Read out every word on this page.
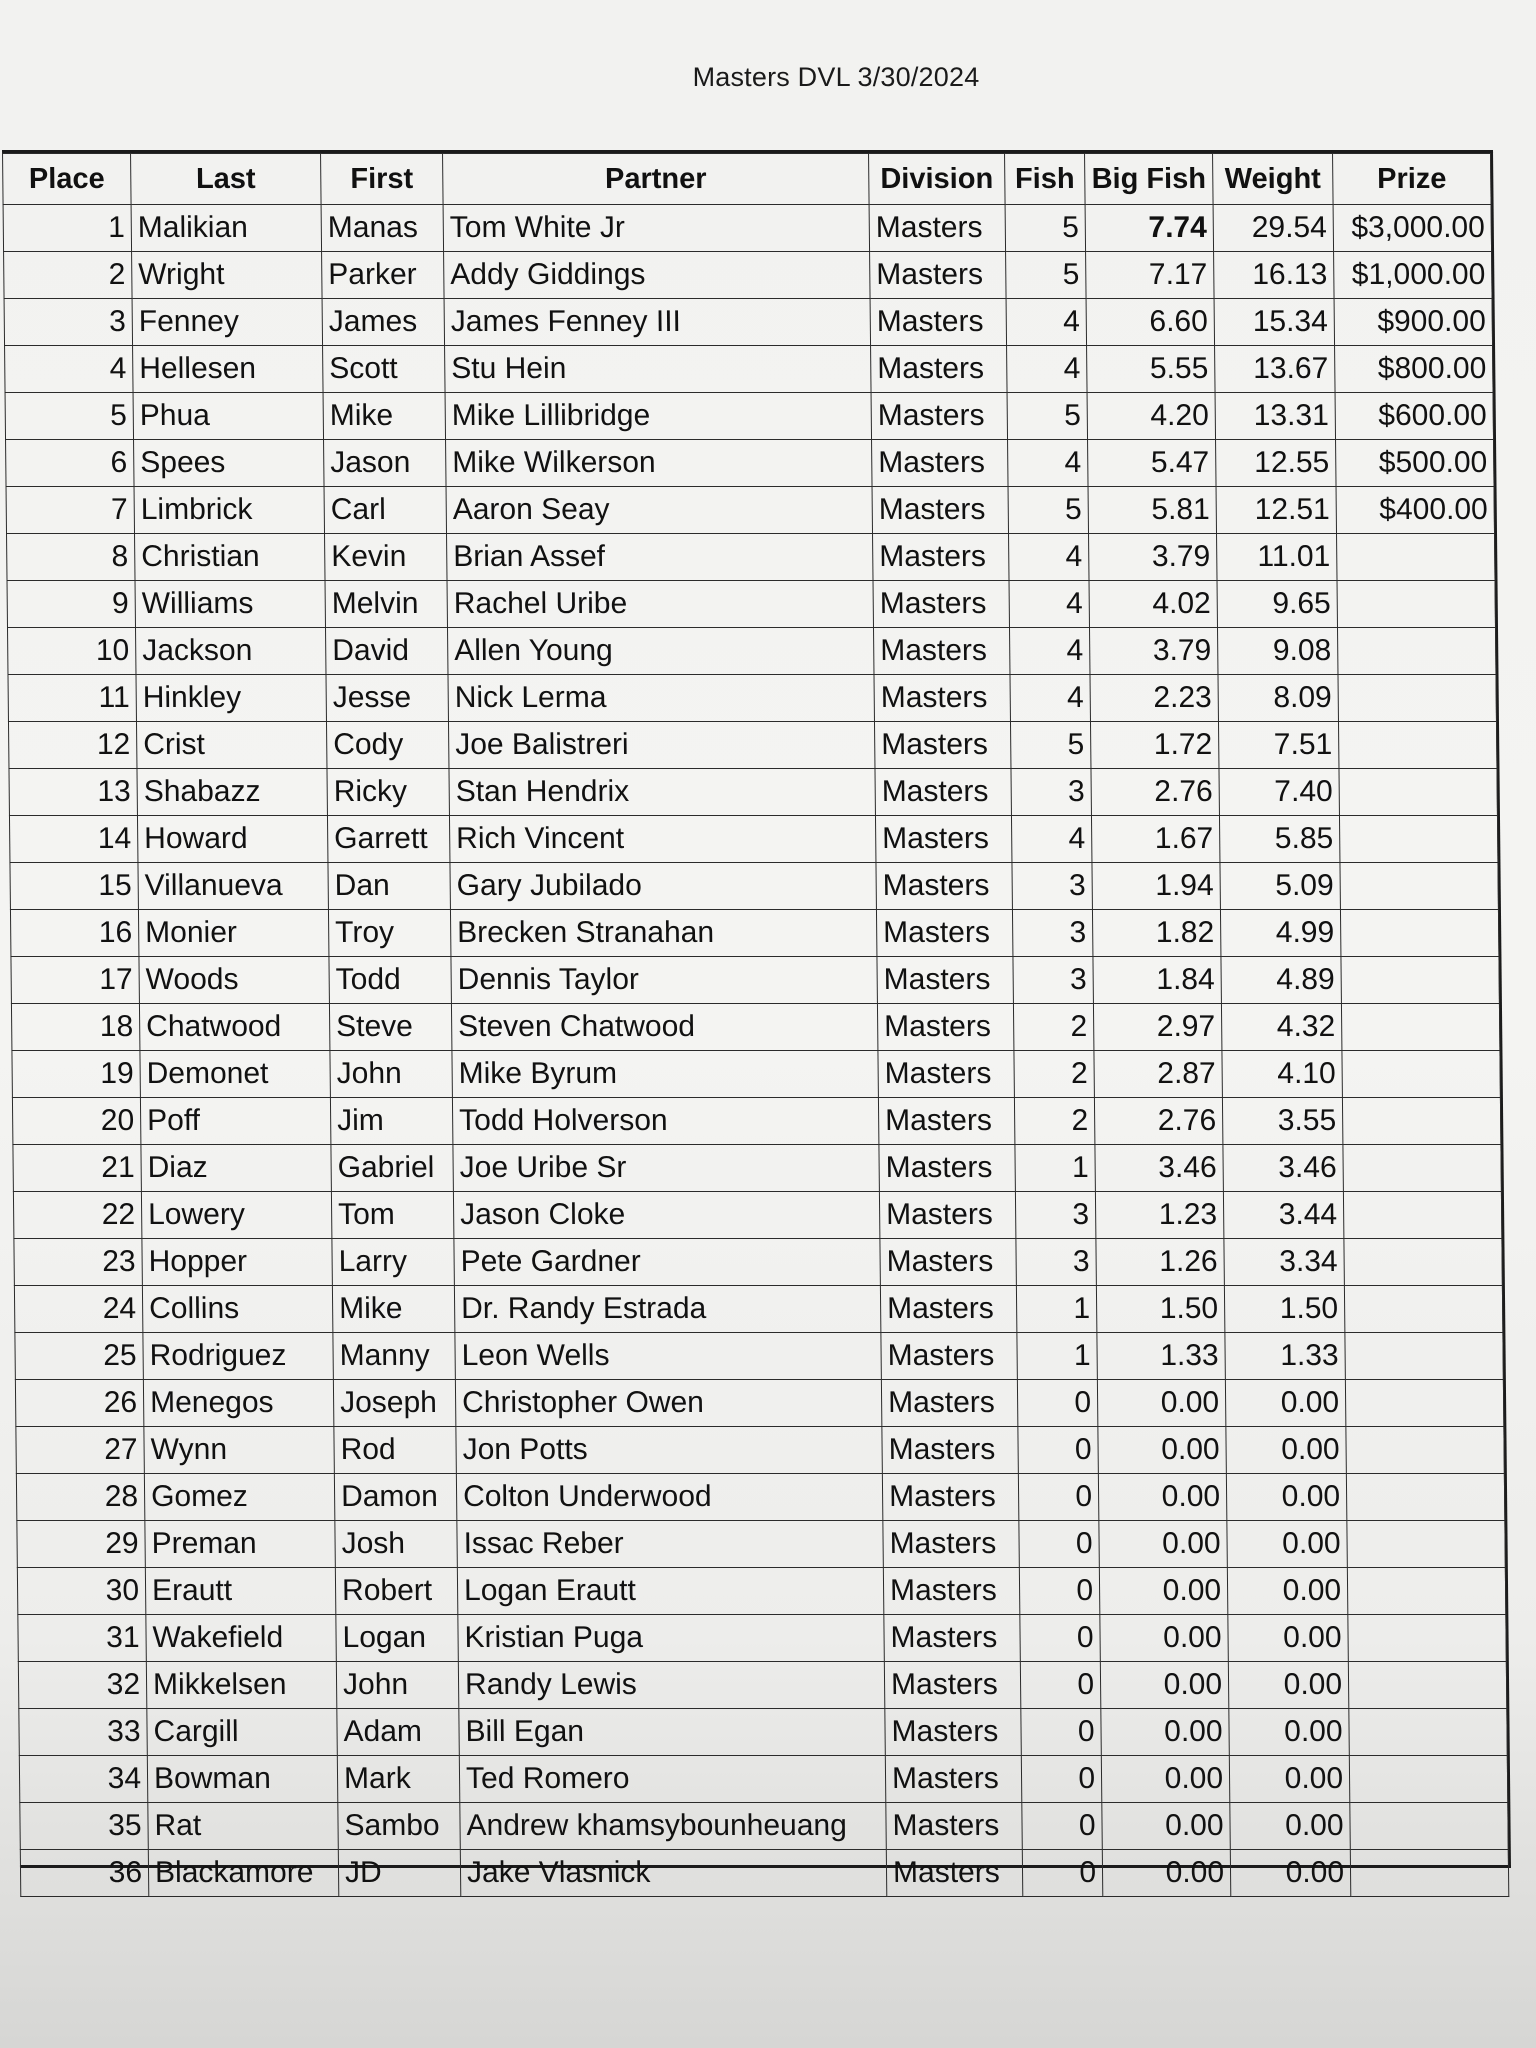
Masters DVL 3/30/2024
Place	Last	First	Partner	Division	Fish	Big Fish	Weight	Prize
1	Malikian	Manas	Tom White Jr	Masters	5	7.74	29.54	$3,000.00
2	Wright	Parker	Addy Giddings	Masters	5	7.17	16.13	$1,000.00
3	Fenney	James	James Fenney III	Masters	4	6.60	15.34	$900.00
4	Hellesen	Scott	Stu Hein	Masters	4	5.55	13.67	$800.00
5	Phua	Mike	Mike Lillibridge	Masters	5	4.20	13.31	$600.00
6	Spees	Jason	Mike Wilkerson	Masters	4	5.47	12.55	$500.00
7	Limbrick	Carl	Aaron Seay	Masters	5	5.81	12.51	$400.00
8	Christian	Kevin	Brian Assef	Masters	4	3.79	11.01	
9	Williams	Melvin	Rachel Uribe	Masters	4	4.02	9.65	
10	Jackson	David	Allen Young	Masters	4	3.79	9.08	
11	Hinkley	Jesse	Nick Lerma	Masters	4	2.23	8.09	
12	Crist	Cody	Joe Balistreri	Masters	5	1.72	7.51	
13	Shabazz	Ricky	Stan Hendrix	Masters	3	2.76	7.40	
14	Howard	Garrett	Rich Vincent	Masters	4	1.67	5.85	
15	Villanueva	Dan	Gary Jubilado	Masters	3	1.94	5.09	
16	Monier	Troy	Brecken Stranahan	Masters	3	1.82	4.99	
17	Woods	Todd	Dennis Taylor	Masters	3	1.84	4.89	
18	Chatwood	Steve	Steven Chatwood	Masters	2	2.97	4.32	
19	Demonet	John	Mike Byrum	Masters	2	2.87	4.10	
20	Poff	Jim	Todd Holverson	Masters	2	2.76	3.55	
21	Diaz	Gabriel	Joe Uribe Sr	Masters	1	3.46	3.46	
22	Lowery	Tom	Jason Cloke	Masters	3	1.23	3.44	
23	Hopper	Larry	Pete Gardner	Masters	3	1.26	3.34	
24	Collins	Mike	Dr. Randy Estrada	Masters	1	1.50	1.50	
25	Rodriguez	Manny	Leon Wells	Masters	1	1.33	1.33	
26	Menegos	Joseph	Christopher Owen	Masters	0	0.00	0.00	
27	Wynn	Rod	Jon Potts	Masters	0	0.00	0.00	
28	Gomez	Damon	Colton Underwood	Masters	0	0.00	0.00	
29	Preman	Josh	Issac Reber	Masters	0	0.00	0.00	
30	Erautt	Robert	Logan Erautt	Masters	0	0.00	0.00	
31	Wakefield	Logan	Kristian Puga	Masters	0	0.00	0.00	
32	Mikkelsen	John	Randy Lewis	Masters	0	0.00	0.00	
33	Cargill	Adam	Bill Egan	Masters	0	0.00	0.00	
34	Bowman	Mark	Ted Romero	Masters	0	0.00	0.00	
35	Rat	Sambo	Andrew khamsybounheuang	Masters	0	0.00	0.00	
36	Blackamore	JD	Jake Vlasnick	Masters	0	0.00	0.00	
